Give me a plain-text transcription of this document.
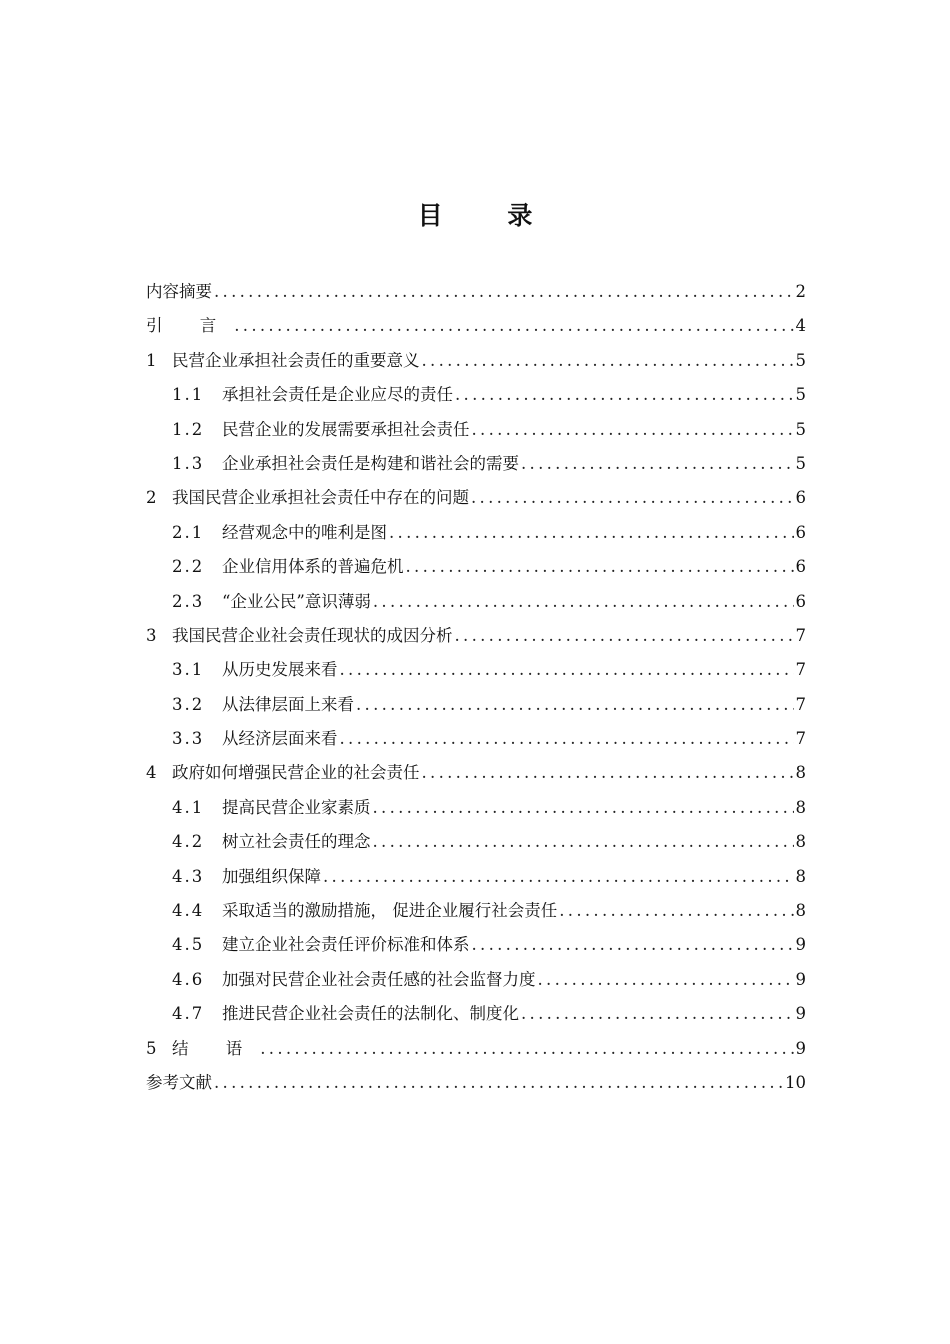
目 录
内容摘要 .....	2
引 言 .....	4
1 民营企业承担社会责任的重要意义 .....	5
1.1	承担社会责任是企业应尽的责任 .....	5
1.2	民营企业的发展需要承担社会责任 .....	5
1.3	企业承担社会责任是构建和谐社会的需要 .....	5
2 我国民营企业承担社会责任中存在的问题 .....	6
2.1	经营观念中的唯利是图 .....	6
2.2	企业信用体系的普遍危机 .....	6
2.3	“企业公民”意识薄弱 .....	6
3 我国民营企业社会责任现状的成因分析 .....	7
3.1	从历史发展来看 .....	7
3.2	从法律层面上来看 .....	7
3.3	从经济层面来看 .....	7
4 政府如何增强民营企业的社会责任 .....	8
4.1	提高民营企业家素质 .....	8
4.2	树立社会责任的理念 .....	8
4.3	加强组织保障 .....	8
4.4	采取适当的激励措施， 促进企业履行社会责任 .....	8
4.5	建立企业社会责任评价标准和体系 .....	9
4.6	加强对民营企业社会责任感的社会监督力度 .....	9
4.7	推进民营企业社会责任的法制化、制度化 .....	9
5 结 语 .....	9
参考文献 .....	10
